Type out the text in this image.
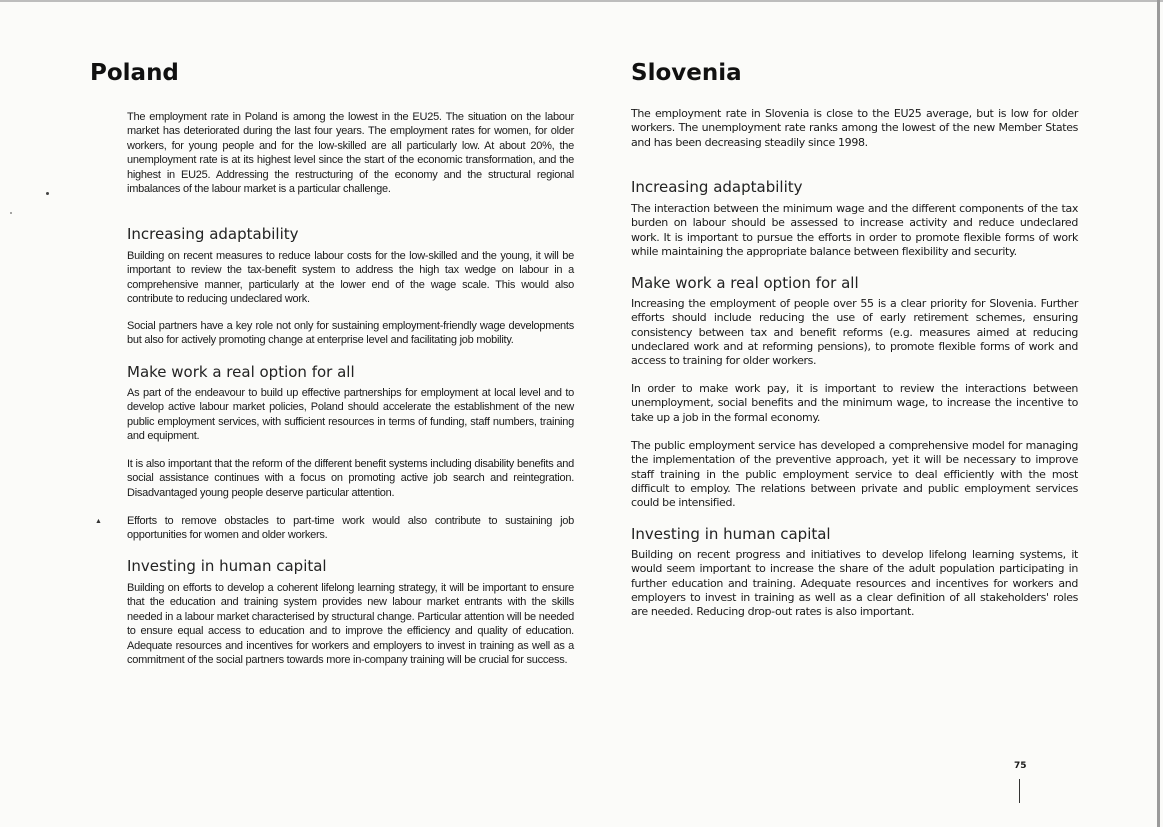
Poland

The employment rate in Poland is among the lowest in the EU25. The situation on the labour market has deteriorated during the last four years. The employment rates for women, for older workers, for young people and for the low-skilled are all particularly low. At about 20%, the unemployment rate is at its highest level since the start of the economic transformation, and the highest in EU25. Addressing the restructuring of the economy and the structural regional imbalances of the labour market is a particular challenge.

Increasing adaptability

Building on recent measures to reduce labour costs for the low-skilled and the young, it will be important to review the tax-benefit system to address the high tax wedge on labour in a comprehensive manner, particularly at the lower end of the wage scale. This would also contribute to reducing undeclared work.

Social partners have a key role not only for sustaining employment-friendly wage developments but also for actively promoting change at enterprise level and facilitating job mobility.

Make work a real option for all

As part of the endeavour to build up effective partnerships for employment at local level and to develop active labour market policies, Poland should accelerate the establishment of the new public employment services, with sufficient resources in terms of funding, staff numbers, training and equipment.

It is also important that the reform of the different benefit systems including disability benefits and social assistance continues with a focus on promoting active job search and reintegration. Disadvantaged young people deserve particular attention.

▲ Efforts to remove obstacles to part-time work would also contribute to sustaining job opportunities for women and older workers.

Investing in human capital

Building on efforts to develop a coherent lifelong learning strategy, it will be important to ensure that the education and training system provides new labour market entrants with the skills needed in a labour market characterised by structural change. Particular attention will be needed to ensure equal access to education and to improve the efficiency and quality of education. Adequate resources and incentives for workers and employers to invest in training as well as a commitment of the social partners towards more in-company training will be crucial for success.

Slovenia

The employment rate in Slovenia is close to the EU25 average, but is low for older workers. The unemployment rate ranks among the lowest of the new Member States and has been decreasing steadily since 1998.

Increasing adaptability

The interaction between the minimum wage and the different components of the tax burden on labour should be assessed to increase activity and reduce undeclared work. It is important to pursue the efforts in order to promote flexible forms of work while maintaining the appropriate balance between flexibility and security.

Make work a real option for all

Increasing the employment of people over 55 is a clear priority for Slovenia. Further efforts should include reducing the use of early retirement schemes, ensuring consistency between tax and benefit reforms (e.g. measures aimed at reducing undeclared work and at reforming pensions), to promote flexible forms of work and access to training for older workers.

In order to make work pay, it is important to review the interactions between unemployment, social benefits and the minimum wage, to increase the incentive to take up a job in the formal economy.

The public employment service has developed a comprehensive model for managing the implementation of the preventive approach, yet it will be necessary to improve staff training in the public employment service to deal efficiently with the most difficult to employ. The relations between private and public employment services could be intensified.

Investing in human capital

Building on recent progress and initiatives to develop lifelong learning systems, it would seem important to increase the share of the adult population participating in further education and training. Adequate resources and incentives for workers and employers to invest in training as well as a clear definition of all stakeholders' roles are needed. Reducing drop-out rates is also important.

75
